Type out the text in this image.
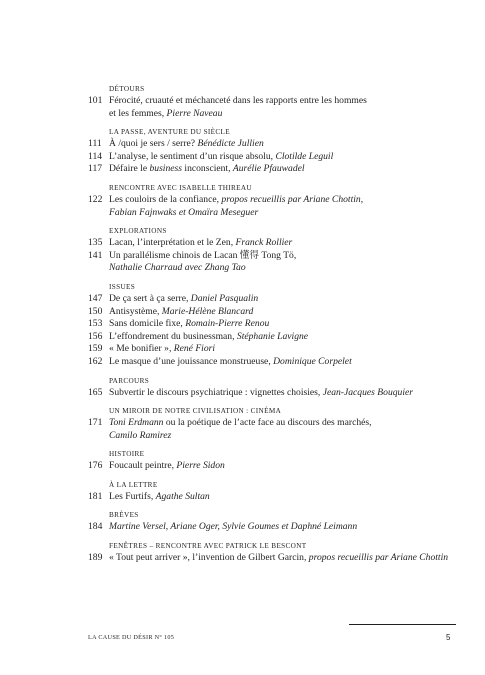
DÉTOURS
101 Férocité, cruauté et méchanceté dans les rapports entre les hommes
et les femmes, Pierre Naveau
LA PASSE, AVENTURE DU SIÈCLE
111 À /quoi je sers / serre? Bénédicte Jullien
114 L’analyse, le sentiment d’un risque absolu, Clotilde Leguil
117 Défaire le business inconscient, Aurélie Pfauwadel
RENCONTRE AVEC ISABELLE THIREAU
122 Les couloirs de la confiance, propos recueillis par Ariane Chottin,
Fabian Fajnwaks et Omaïra Meseguer
EXPLORATIONS
135 Lacan, l’interprétation et le Zen, Franck Rollier
141 Un parallélisme chinois de Lacan 懂得 Tong Tö,
Nathalie Charraud avec Zhang Tao
ISSUES
147 De ça sert à ça serre, Daniel Pasqualin
150 Antisystème, Marie-Hélène Blancard
153 Sans domicile fixe, Romain-Pierre Renou
156 L’effondrement du businessman, Stéphanie Lavigne
159 « Me bonifier », René Fiori
162 Le masque d’une jouissance monstrueuse, Dominique Corpelet
PARCOURS
165 Subvertir le discours psychiatrique : vignettes choisies, Jean-Jacques Bouquier
UN MIROIR DE NOTRE CIVILISATION : CINÉMA
171 Toni Erdmann ou la poétique de l’acte face au discours des marchés,
Camilo Ramirez
HISTOIRE
176 Foucault peintre, Pierre Sidon
À LA LETTRE
181 Les Furtifs, Agathe Sultan
BRÈVES
184 Martine Versel, Ariane Oger, Sylvie Goumes et Daphné Leimann
FENÊTRES – RENCONTRE AVEC PATRICK LE BESCONT
189 « Tout peut arriver », l’invention de Gilbert Garcin, propos recueillis par Ariane Chottin
LA CAUSE DU DÉSIR N° 105	5
